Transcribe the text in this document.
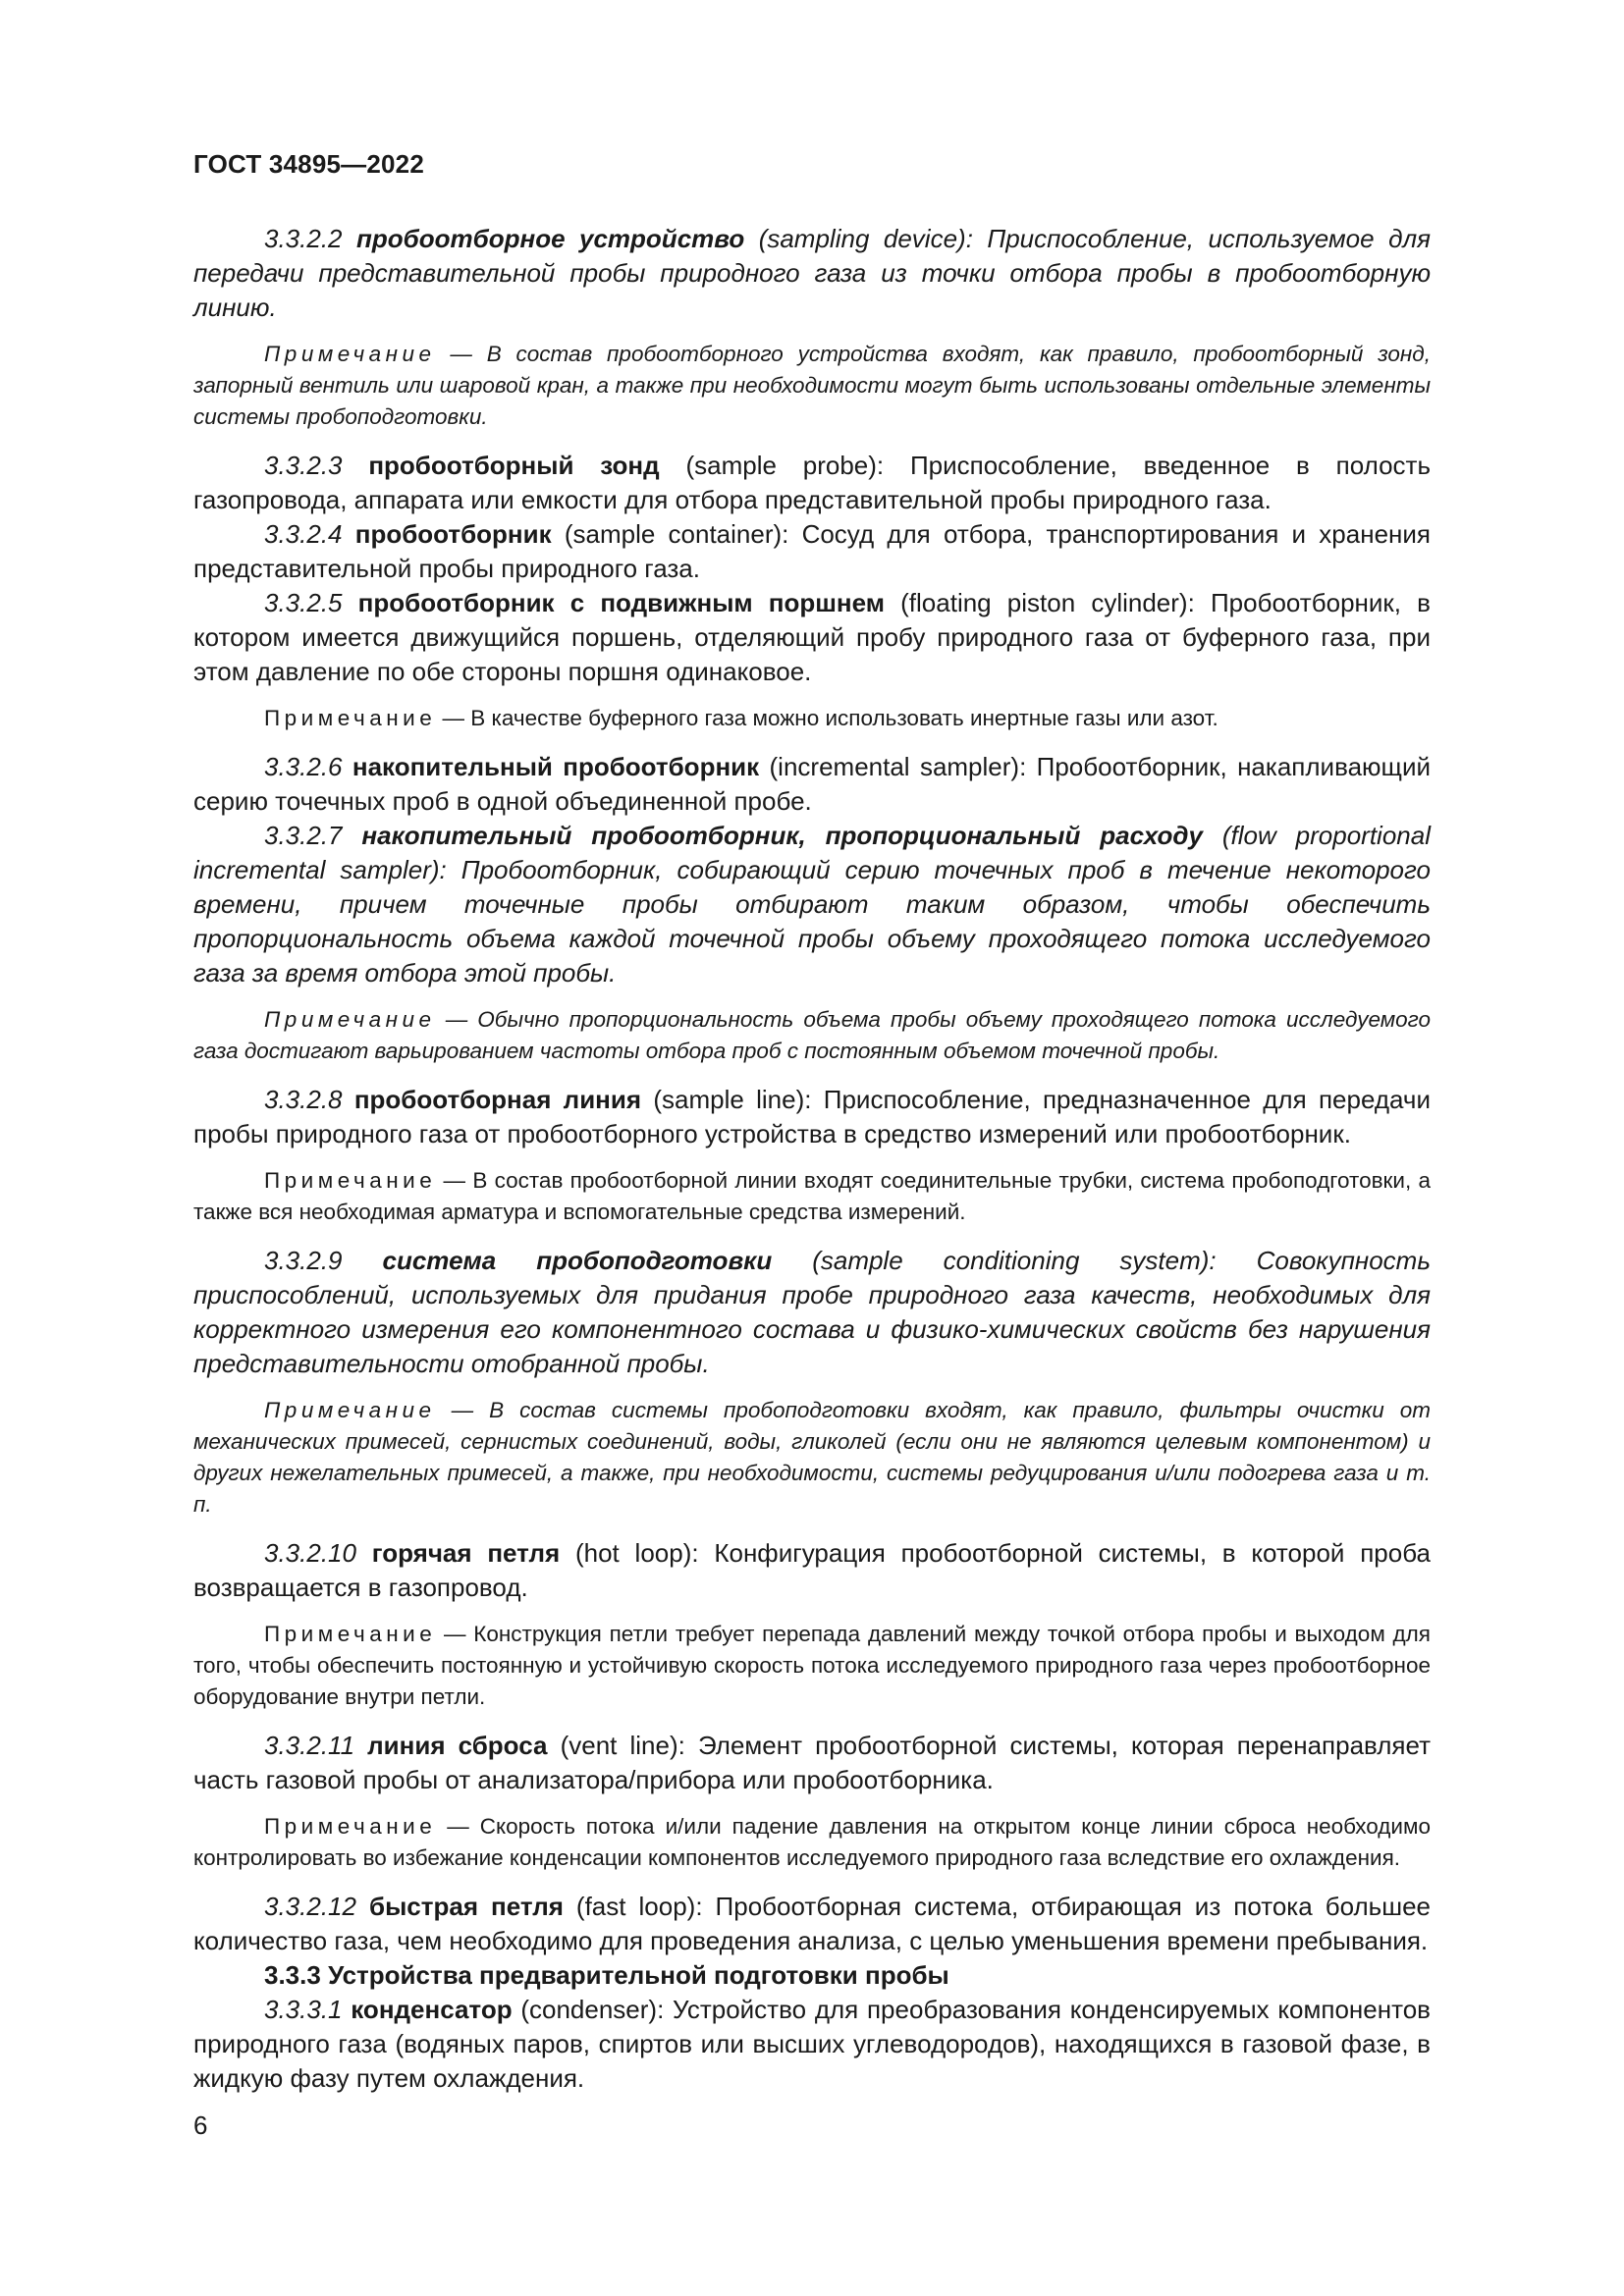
ГОСТ 34895—2022

3.3.2.2 пробоотборное устройство (sampling device): Приспособление, используемое для передачи представительной пробы природного газа из точки отбора пробы в пробоотборную линию.

Примечание — В состав пробоотборного устройства входят, как правило, пробоотборный зонд, запорный вентиль или шаровой кран, а также при необходимости могут быть использованы отдельные элементы системы пробоподготовки.

3.3.2.3 пробоотборный зонд (sample probe): Приспособление, введенное в полость газопровода, аппарата или емкости для отбора представительной пробы природного газа.

3.3.2.4 пробоотборник (sample container): Сосуд для отбора, транспортирования и хранения представительной пробы природного газа.

3.3.2.5 пробоотборник с подвижным поршнем (floating piston cylinder): Пробоотборник, в котором имеется движущийся поршень, отделяющий пробу природного газа от буферного газа, при этом давление по обе стороны поршня одинаковое.

Примечание — В качестве буферного газа можно использовать инертные газы или азот.

3.3.2.6 накопительный пробоотборник (incremental sampler): Пробоотборник, накапливающий серию точечных проб в одной объединенной пробе.

3.3.2.7 накопительный пробоотборник, пропорциональный расходу (flow proportional incremental sampler): Пробоотборник, собирающий серию точечных проб в течение некоторого времени, причем точечные пробы отбирают таким образом, чтобы обеспечить пропорциональность объема каждой точечной пробы объему проходящего потока исследуемого газа за время отбора этой пробы.

Примечание — Обычно пропорциональность объема пробы объему проходящего потока исследуемого газа достигают варьированием частоты отбора проб с постоянным объемом точечной пробы.

3.3.2.8 пробоотборная линия (sample line): Приспособление, предназначенное для передачи пробы природного газа от пробоотборного устройства в средство измерений или пробоотборник.

Примечание — В состав пробоотборной линии входят соединительные трубки, система пробоподготовки, а также вся необходимая арматура и вспомогательные средства измерений.

3.3.2.9 система пробоподготовки (sample conditioning system): Совокупность приспособлений, используемых для придания пробе природного газа качеств, необходимых для корректного измерения его компонентного состава и физико-химических свойств без нарушения представительности отобранной пробы.

Примечание — В состав системы пробоподготовки входят, как правило, фильтры очистки от механических примесей, сернистых соединений, воды, гликолей (если они не являются целевым компонентом) и других нежелательных примесей, а также, при необходимости, системы редуцирования и/или подогрева газа и т. п.

3.3.2.10 горячая петля (hot loop): Конфигурация пробоотборной системы, в которой проба возвращается в газопровод.

Примечание — Конструкция петли требует перепада давлений между точкой отбора пробы и выходом для того, чтобы обеспечить постоянную и устойчивую скорость потока исследуемого природного газа через пробоотборное оборудование внутри петли.

3.3.2.11 линия сброса (vent line): Элемент пробоотборной системы, которая перенаправляет часть газовой пробы от анализатора/прибора или пробоотборника.

Примечание — Скорость потока и/или падение давления на открытом конце линии сброса необходимо контролировать во избежание конденсации компонентов исследуемого природного газа вследствие его охлаждения.

3.3.2.12 быстрая петля (fast loop): Пробоотборная система, отбирающая из потока большее количество газа, чем необходимо для проведения анализа, с целью уменьшения времени пребывания.

3.3.3 Устройства предварительной подготовки пробы

3.3.3.1 конденсатор (condenser): Устройство для преобразования конденсируемых компонентов природного газа (водяных паров, спиртов или высших углеводородов), находящихся в газовой фазе, в жидкую фазу путем охлаждения.

6
